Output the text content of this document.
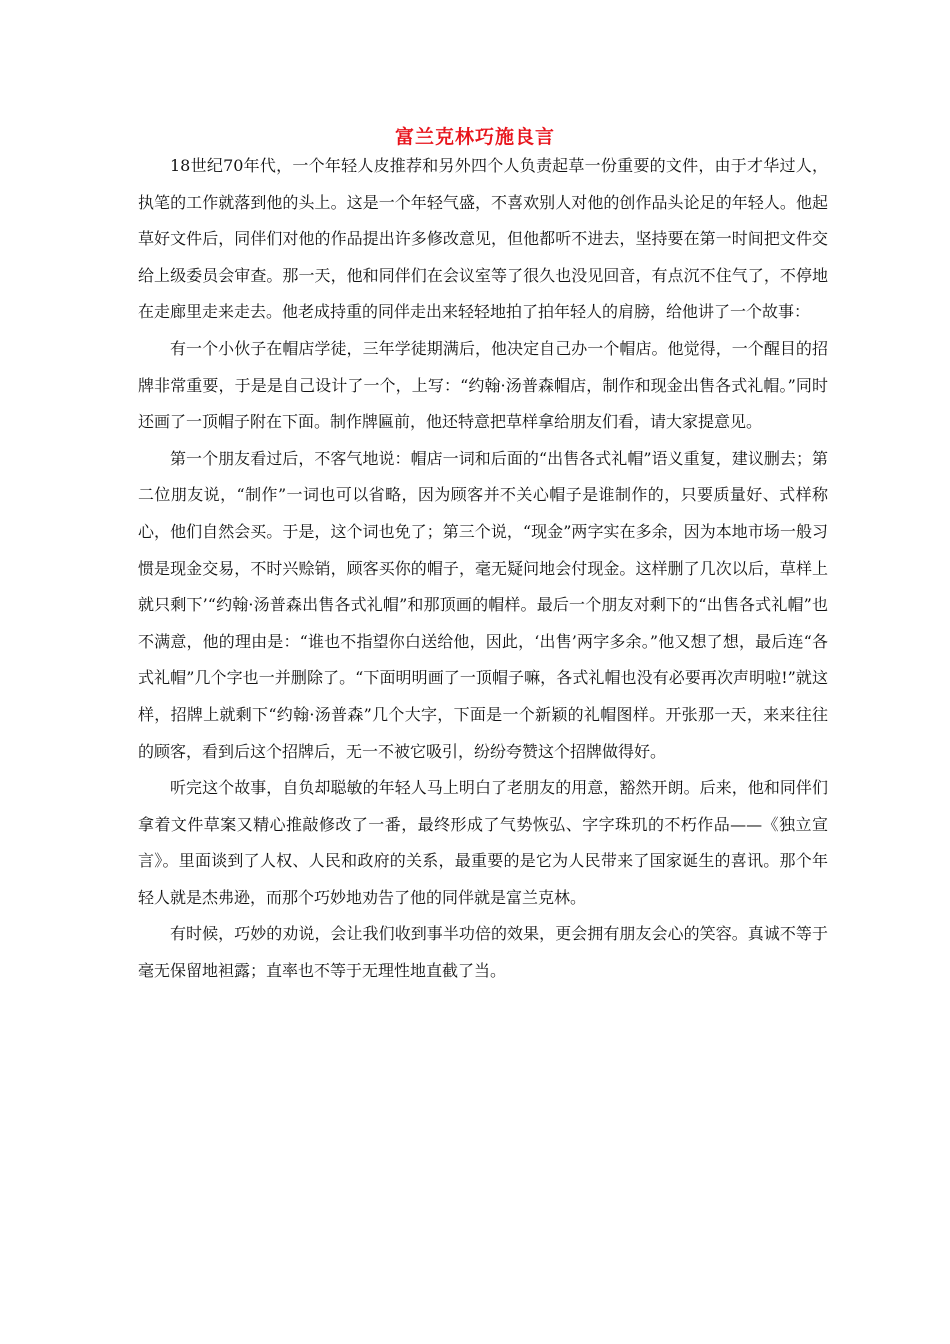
富兰克林巧施良言

18世纪70年代，一个年轻人皮推荐和另外四个人负责起草一份重要的文件，由于才华过人，执笔的工作就落到他的头上。这是一个年轻气盛，不喜欢别人对他的创作品头论足的年轻人。他起草好文件后，同伴们对他的作品提出许多修改意见，但他都听不进去，坚持要在第一时间把文件交给上级委员会审查。那一天，他和同伴们在会议室等了很久也没见回音，有点沉不住气了，不停地在走廊里走来走去。他老成持重的同伴走出来轻轻地拍了拍年轻人的肩膀，给他讲了一个故事：

有一个小伙子在帽店学徒，三年学徒期满后，他决定自己办一个帽店。他觉得，一个醒目的招牌非常重要，于是是自己设计了一个，上写：“约翰·汤普森帽店，制作和现金出售各式礼帽。”同时还画了一顶帽子附在下面。制作牌匾前，他还特意把草样拿给朋友们看，请大家提意见。

第一个朋友看过后，不客气地说：帽店一词和后面的“出售各式礼帽”语义重复，建议删去；第二位朋友说，“制作”一词也可以省略，因为顾客并不关心帽子是谁制作的，只要质量好、式样称心，他们自然会买。于是，这个词也免了；第三个说，“现金”两字实在多余，因为本地市场一般习惯是现金交易，不时兴赊销，顾客买你的帽子，毫无疑问地会付现金。这样删了几次以后，草样上就只剩下’“约翰·汤普森出售各式礼帽”和那顶画的帽样。最后一个朋友对剩下的“出售各式礼帽”也不满意，他的理由是：“谁也不指望你白送给他，因此，‘出售’两字多余。”他又想了想，最后连“各式礼帽”几个字也一并删除了。“下面明明画了一顶帽子嘛，各式礼帽也没有必要再次声明啦!”就这样，招牌上就剩下“约翰·汤普森”几个大字，下面是一个新颖的礼帽图样。开张那一天，来来往往的顾客，看到后这个招牌后，无一不被它吸引，纷纷夸赞这个招牌做得好。

听完这个故事，自负却聪敏的年轻人马上明白了老朋友的用意，豁然开朗。后来，他和同伴们拿着文件草案又精心推敲修改了一番，最终形成了气势恢弘、字字珠玑的不朽作品——《独立宣言》。里面谈到了人权、人民和政府的关系，最重要的是它为人民带来了国家诞生的喜讯。那个年轻人就是杰弗逊，而那个巧妙地劝告了他的同伴就是富兰克林。

有时候，巧妙的劝说，会让我们收到事半功倍的效果，更会拥有朋友会心的笑容。真诚不等于毫无保留地袒露；直率也不等于无理性地直截了当。
